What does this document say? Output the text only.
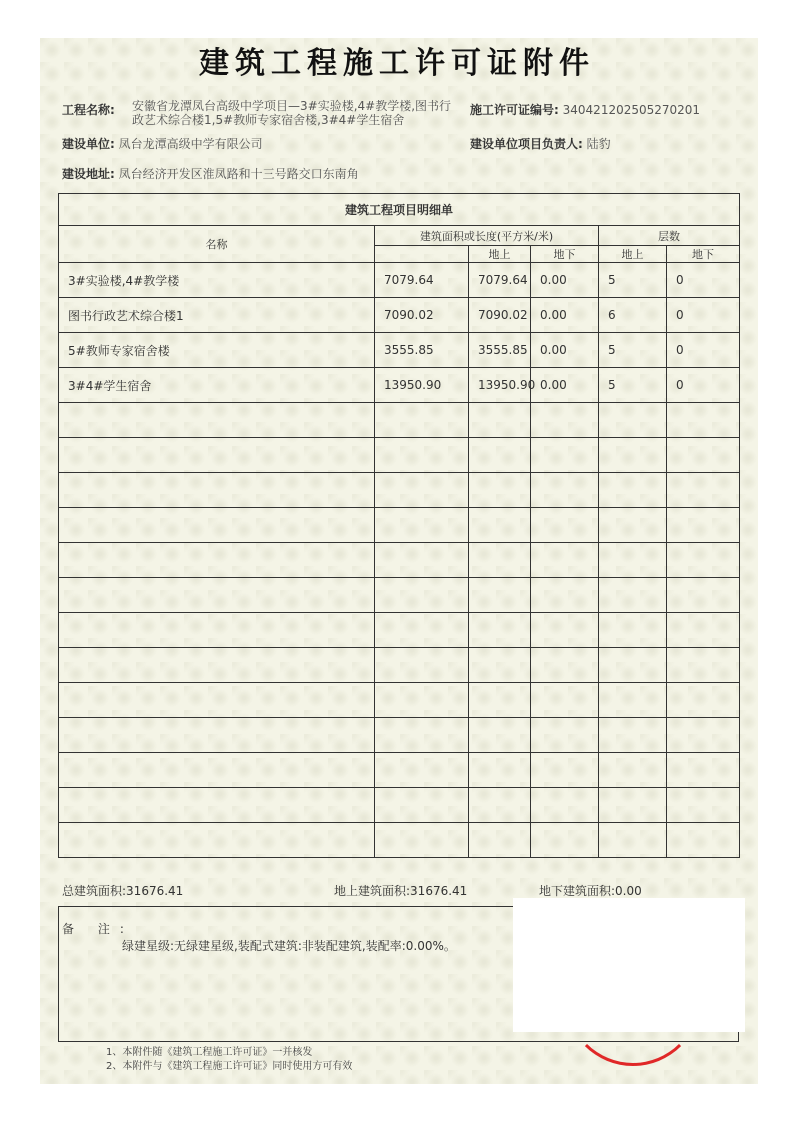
建筑工程施工许可证附件
工程名称: 安徽省龙潭凤台高级中学项目—3#实验楼,4#教学楼,图书行政艺术综合楼1,5#教师专家宿舍楼,3#4#学生宿舍
施工许可证编号: 340421202505270201
建设单位: 凤台龙潭高级中学有限公司	建设单位项目负责人: 陆豹
建设地址: 凤台经济开发区淮凤路和十三号路交口东南角
建筑工程项目明细单					
名称	建筑面积或长度(平方米/米)			层数	
		地上	地下	地上	地下
3#实验楼,4#教学楼	7079.64	7079.64	0.00	5	0
图书行政艺术综合楼1	7090.02	7090.02	0.00	6	0
5#教师专家宿舍楼	3555.85	3555.85	0.00	5	0
3#4#学生宿舍	13950.90	13950.90	0.00	5	0

总建筑面积:31676.41	地上建筑面积:31676.41	地下建筑面积:0.00
备 注:
绿建星级:无绿建星级,装配式建筑:非装配建筑,装配率:0.00%。
1、本附件随《建筑工程施工许可证》一并核发
2、本附件与《建筑工程施工许可证》同时使用方可有效
